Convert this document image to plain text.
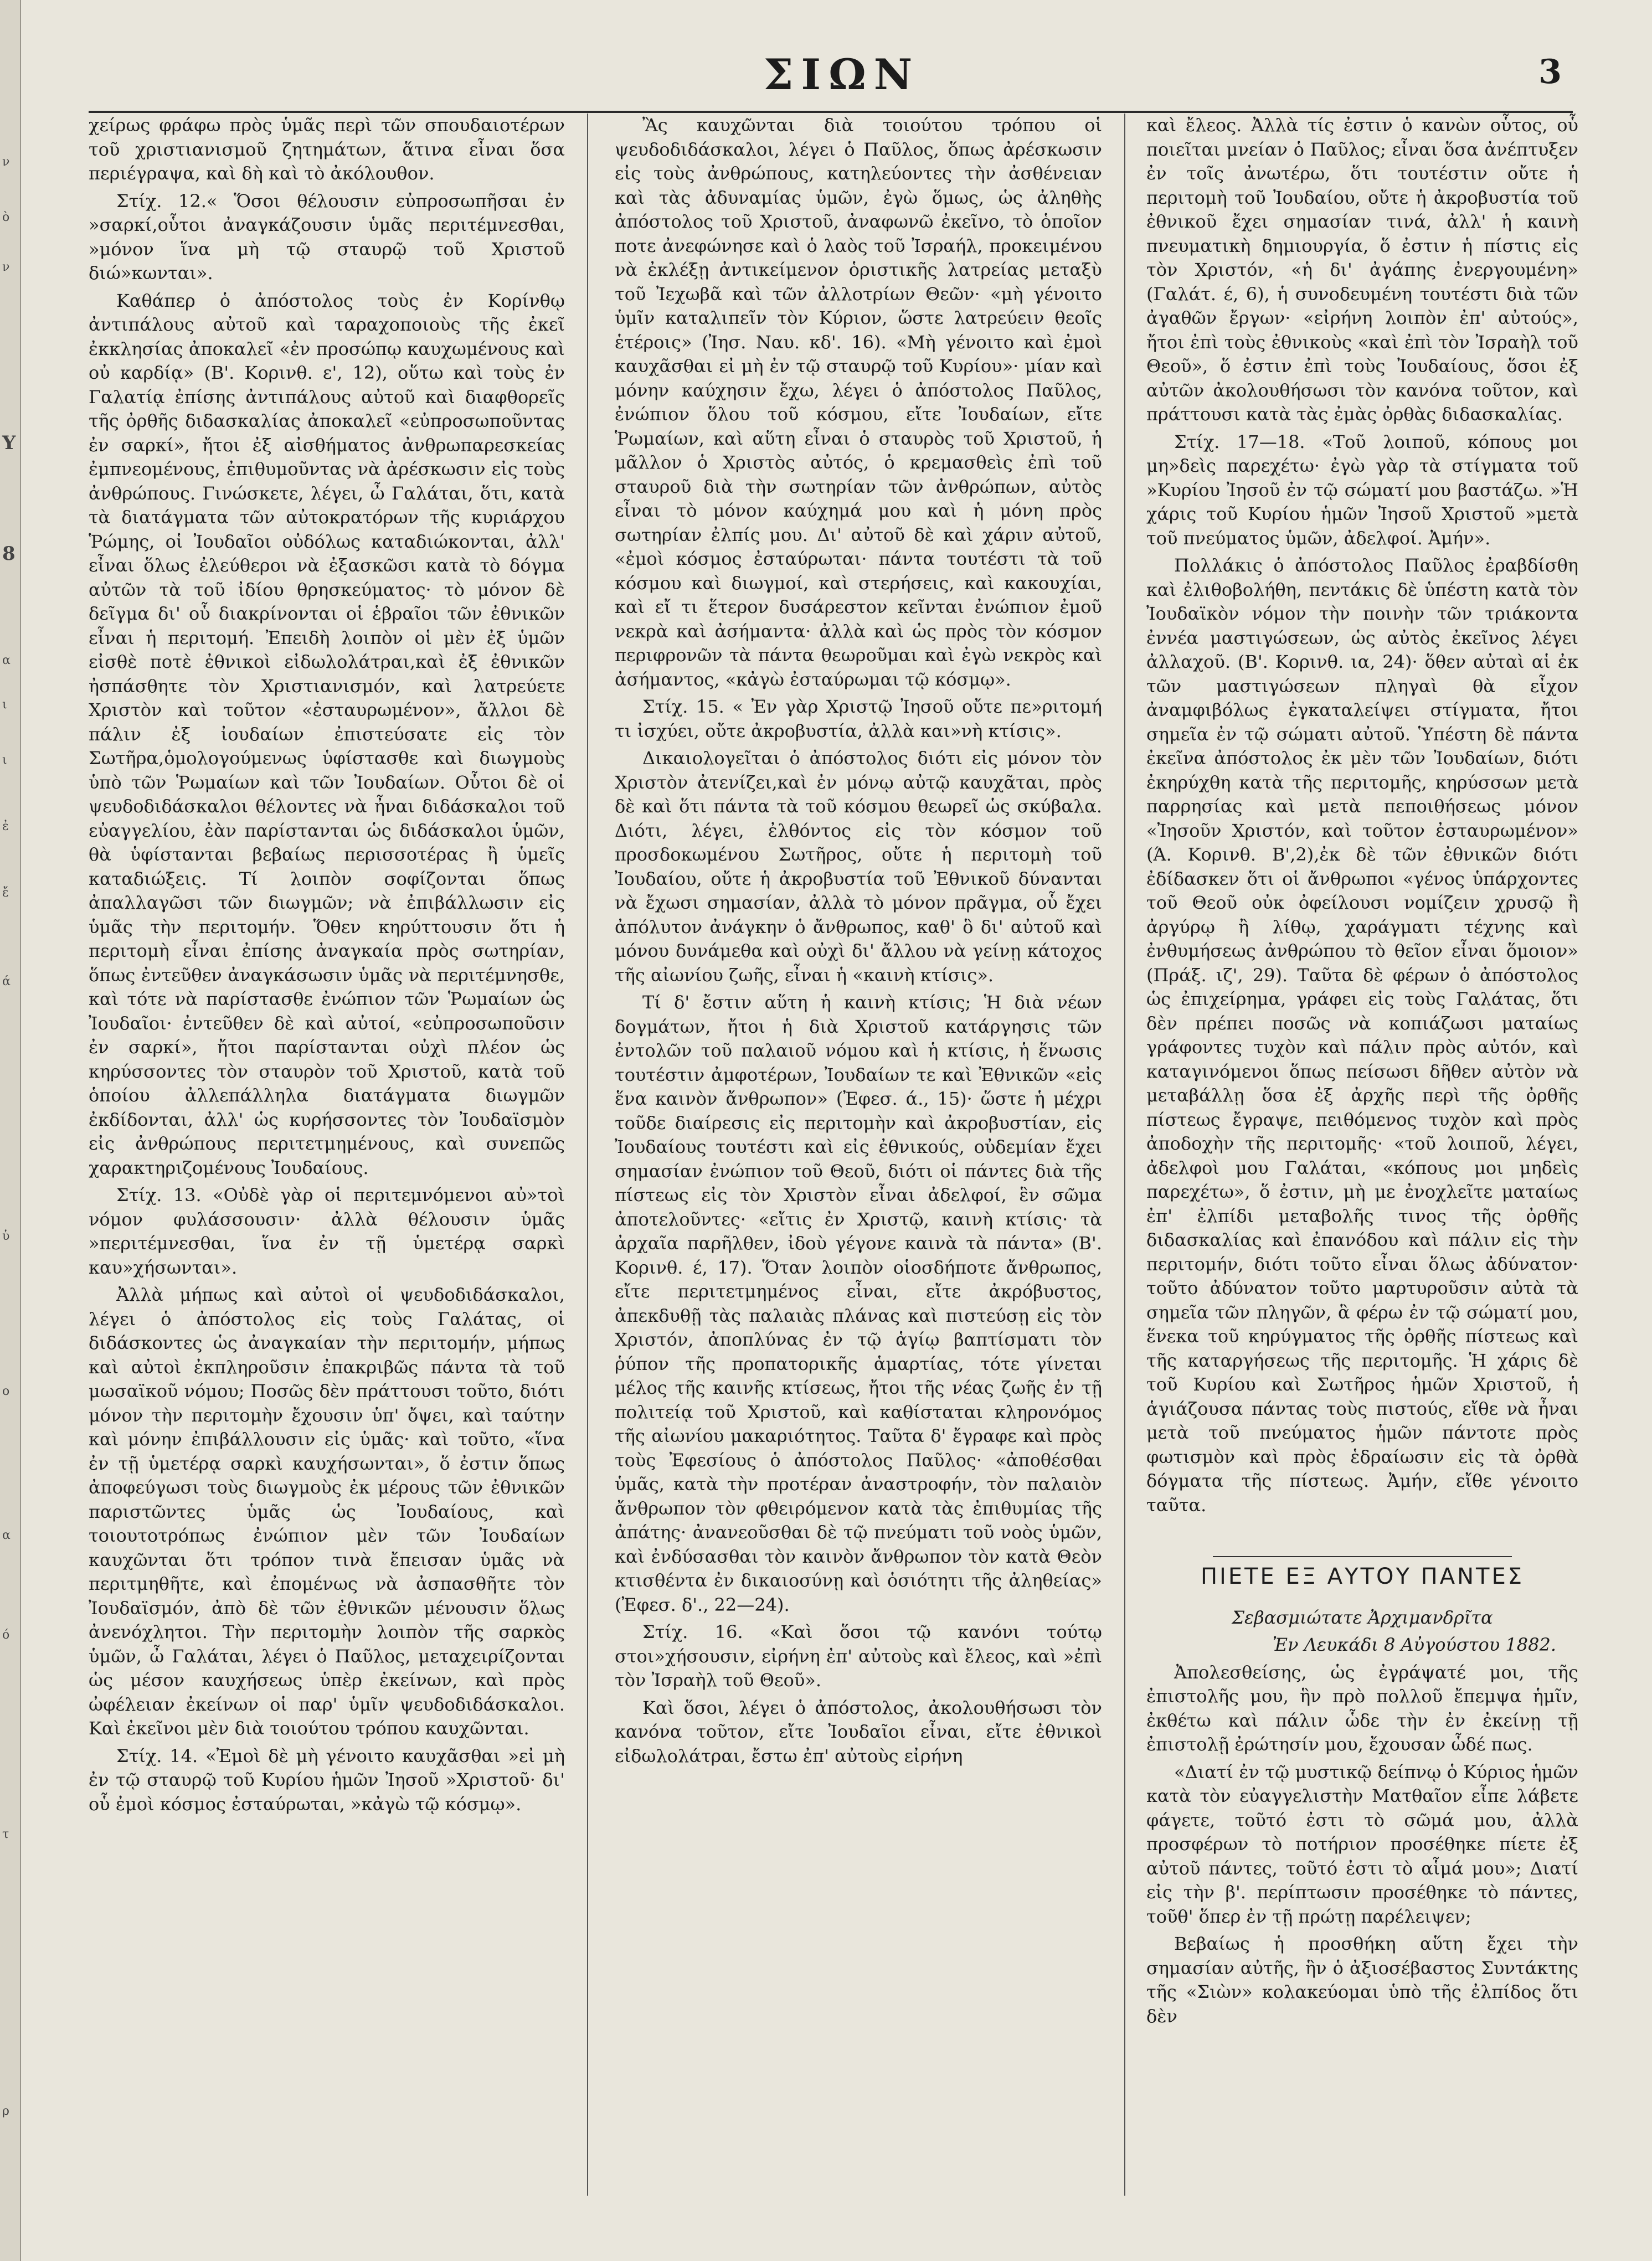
ν
ὸ
ν
Y
8
α
ι
ι
ἐ
ἔ
ά
ὑ
ο
α
ό
τ
ρ
ΣΙΩΝ	3

χείρως φράφω πρὸς ὑμᾶς περὶ τῶν σπουδαιοτέρων τοῦ χριστιανισμοῦ ζητημάτων, ἅτινα εἶναι ὅσα περιέγραψα, καὶ δὴ καὶ τὸ ἀκόλουθον.

Στίχ. 12.« Ὅσοι θέλουσιν εὐπροσωπῆσαι ἐν »σαρκί,οὗτοι ἀναγκάζουσιν ὑμᾶς περιτέμνεσθαι, »μόνον ἵνα μὴ τῷ σταυρῷ τοῦ Χριστοῦ διώ»κωνται».

Καθάπερ ὁ ἀπόστολος τοὺς ἐν Κορίνθῳ ἀντιπάλους αὐτοῦ καὶ ταραχοποιοὺς τῆς ἐκεῖ ἐκκλησίας ἀποκαλεῖ «ἐν προσώπῳ καυχωμένους καὶ οὐ καρδίᾳ» (Β'. Κορινθ. ε', 12), οὕτω καὶ τοὺς ἐν Γαλατίᾳ ἐπίσης ἀντιπάλους αὐτοῦ καὶ διαφθορεῖς τῆς ὀρθῆς διδασκαλίας ἀποκαλεῖ «εὐπροσωποῦντας ἐν σαρκί», ἤτοι ἐξ αἰσθήματος ἀνθρωπαρεσκείας ἐμπνεομένους, ἐπιθυμοῦντας νὰ ἀρέσκωσιν εἰς τοὺς ἀνθρώπους. Γινώσκετε, λέγει, ὦ Γαλάται, ὅτι, κατὰ τὰ διατάγματα τῶν αὐτοκρατόρων τῆς κυριάρχου Ῥώμης, οἱ Ἰουδαῖοι οὐδόλως καταδιώκονται, ἀλλ' εἶναι ὅλως ἐλεύθεροι νὰ ἐξασκῶσι κατὰ τὸ δόγμα αὐτῶν τὰ τοῦ ἰδίου θρησκεύματος· τὸ μόνον δὲ δεῖγμα δι' οὗ διακρίνονται οἱ ἑβραῖοι τῶν ἐθνικῶν εἶναι ἡ περιτομή. Ἐπειδὴ λοιπὸν οἱ μὲν ἐξ ὑμῶν εἰσθὲ ποτὲ ἐθνικοὶ εἰδωλολάτραι,καὶ ἐξ ἐθνικῶν ἠσπάσθητε τὸν Χριστιανισμόν, καὶ λατρεύετε Χριστὸν καὶ τοῦτον «ἐσταυρωμένον», ἄλλοι δὲ πάλιν ἐξ ἰουδαίων ἐπιστεύσατε εἰς τὸν Σωτῆρα,ὁμολογούμενως ὑφίστασθε καὶ διωγμοὺς ὑπὸ τῶν Ῥωμαίων καὶ τῶν Ἰουδαίων. Οὗτοι δὲ οἱ ψευδοδιδάσκαλοι θέλοντες νὰ ἦναι διδάσκαλοι τοῦ εὐαγγελίου, ἐὰν παρίστανται ὡς διδάσκαλοι ὑμῶν, θὰ ὑφίστανται βεβαίως περισσοτέρας ἢ ὑμεῖς καταδιώξεις. Τί λοιπὸν σοφίζονται ὅπως ἀπαλλαγῶσι τῶν διωγμῶν; νὰ ἐπιβάλλωσιν εἰς ὑμᾶς τὴν περιτομήν. Ὅθεν κηρύττουσιν ὅτι ἡ περιτομὴ εἶναι ἐπίσης ἀναγκαία πρὸς σωτηρίαν, ὅπως ἐντεῦθεν ἀναγκάσωσιν ὑμᾶς νὰ περιτέμνησθε, καὶ τότε νὰ παρίστασθε ἐνώπιον τῶν Ῥωμαίων ὡς Ἰουδαῖοι· ἐντεῦθεν δὲ καὶ αὐτοί, «εὐπροσωποῦσιν ἐν σαρκί», ἤτοι παρίστανται οὐχὶ πλέον ὡς κηρύσσοντες τὸν σταυρὸν τοῦ Χριστοῦ, κατὰ τοῦ ὁποίου ἀλλεπάλληλα διατάγματα διωγμῶν ἐκδίδονται, ἀλλ' ὡς κυρήσσοντες τὸν Ἰουδαϊσμὸν εἰς ἀνθρώπους περιτετμημένους, καὶ συνεπῶς χαρακτηριζομένους Ἰουδαίους.

Στίχ. 13. «Οὐδὲ γὰρ οἱ περιτεμνόμενοι αὐ»τοὶ νόμον φυλάσσουσιν· ἀλλὰ θέλουσιν ὑμᾶς »περιτέμνεσθαι, ἵνα ἐν τῇ ὑμετέρᾳ σαρκὶ καυ»χήσωνται».

Ἀλλὰ μήπως καὶ αὐτοὶ οἱ ψευδοδιδάσκαλοι, λέγει ὁ ἀπόστολος εἰς τοὺς Γαλάτας, οἱ διδάσκοντες ὡς ἀναγκαίαν τὴν περιτομήν, μήπως καὶ αὐτοὶ ἐκπληροῦσιν ἐπακριβῶς πάντα τὰ τοῦ μωσαϊκοῦ νόμου; Ποσῶς δὲν πράττουσι τοῦτο, διότι μόνον τὴν περιτομὴν ἔχουσιν ὑπ' ὄψει, καὶ ταύτην καὶ μόνην ἐπιβάλλουσιν εἰς ὑμᾶς· καὶ τοῦτο, «ἵνα ἐν τῇ ὑμετέρᾳ σαρκὶ καυχήσωνται», ὅ ἐστιν ὅπως ἀποφεύγωσι τοὺς διωγμοὺς ἐκ μέρους τῶν ἐθνικῶν παριστῶντες ὑμᾶς ὡς Ἰουδαίους, καὶ τοιουτοτρόπως ἐνώπιον μὲν τῶν Ἰουδαίων καυχῶνται ὅτι τρόπον τινὰ ἔπεισαν ὑμᾶς νὰ περιτμηθῆτε, καὶ ἐπομένως νὰ ἀσπασθῆτε τὸν Ἰουδαϊσμόν, ἀπὸ δὲ τῶν ἐθνικῶν μένουσιν ὅλως ἀνενόχλητοι. Τὴν περιτομὴν λοιπὸν τῆς σαρκὸς ὑμῶν, ὦ Γαλάται, λέγει ὁ Παῦλος, μεταχειρίζονται ὡς μέσον καυχήσεως ὑπὲρ ἐκείνων, καὶ πρὸς ὠφέλειαν ἐκείνων οἱ παρ' ὑμῖν ψευδοδιδάσκαλοι. Καὶ ἐκεῖνοι μὲν διὰ τοιούτου τρόπου καυχῶνται.

Στίχ. 14. «Ἐμοὶ δὲ μὴ γένοιτο καυχᾶσθαι »εἰ μὴ ἐν τῷ σταυρῷ τοῦ Κυρίου ἡμῶν Ἰησοῦ »Χριστοῦ· δι' οὗ ἐμοὶ κόσμος ἐσταύρωται, »κἀγὼ τῷ κόσμῳ».

Ἂς καυχῶνται διὰ τοιούτου τρόπου οἱ ψευδοδιδάσκαλοι, λέγει ὁ Παῦλος, ὅπως ἀρέσκωσιν εἰς τοὺς ἀνθρώπους, κατηλεύοντες τὴν ἀσθένειαν καὶ τὰς ἀδυναμίας ὑμῶν, ἐγὼ ὅμως, ὡς ἀληθὴς ἀπόστολος τοῦ Χριστοῦ, ἀναφωνῶ ἐκεῖνο, τὸ ὁποῖον ποτε ἀνεφώνησε καὶ ὁ λαὸς τοῦ Ἰσραήλ, προκειμένου νὰ ἐκλέξῃ ἀντικείμενον ὁριστικῆς λατρείας μεταξὺ τοῦ Ἰεχωβᾶ καὶ τῶν ἀλλοτρίων Θεῶν· «μὴ γένοιτο ὑμῖν καταλιπεῖν τὸν Κύριον, ὥστε λατρεύειν θεοῖς ἑτέροις» (Ἰησ. Ναυ. κδ'. 16). «Μὴ γένοιτο καὶ ἐμοὶ καυχᾶσθαι εἰ μὴ ἐν τῷ σταυρῷ τοῦ Κυρίου»· μίαν καὶ μόνην καύχησιν ἔχω, λέγει ὁ ἀπόστολος Παῦλος, ἐνώπιον ὅλου τοῦ κόσμου, εἴτε Ἰουδαίων, εἴτε Ῥωμαίων, καὶ αὕτη εἶναι ὁ σταυρὸς τοῦ Χριστοῦ, ἡ μᾶλλον ὁ Χριστὸς αὐτός, ὁ κρεμασθεὶς ἐπὶ τοῦ σταυροῦ διὰ τὴν σωτηρίαν τῶν ἀνθρώπων, αὐτὸς εἶναι τὸ μόνον καύχημά μου καὶ ἡ μόνη πρὸς σωτηρίαν ἐλπίς μου. Δι' αὐτοῦ δὲ καὶ χάριν αὐτοῦ, «ἐμοὶ κόσμος ἐσταύρωται· πάντα τουτέστι τὰ τοῦ κόσμου καὶ διωγμοί, καὶ στερήσεις, καὶ κακουχίαι, καὶ εἴ τι ἕτερον δυσάρεστον κεῖνται ἐνώπιον ἐμοῦ νεκρὰ καὶ ἀσήμαντα· ἀλλὰ καὶ ὡς πρὸς τὸν κόσμον περιφρονῶν τὰ πάντα θεωροῦμαι καὶ ἐγὼ νεκρὸς καὶ ἀσήμαντος, «κἀγὼ ἐσταύρωμαι τῷ κόσμῳ».

Στίχ. 15. « Ἐν γὰρ Χριστῷ Ἰησοῦ οὔτε πε»ριτομή τι ἰσχύει, οὔτε ἀκροβυστία, ἀλλὰ και»νὴ κτίσις».

Δικαιολογεῖται ὁ ἀπόστολος διότι εἰς μόνον τὸν Χριστὸν ἀτενίζει,καὶ ἐν μόνῳ αὐτῷ καυχᾶται, πρὸς δὲ καὶ ὅτι πάντα τὰ τοῦ κόσμου θεωρεῖ ὡς σκύβαλα. Διότι, λέγει, ἐλθόντος εἰς τὸν κόσμον τοῦ προσδοκωμένου Σωτῆρος, οὔτε ἡ περιτομὴ τοῦ Ἰουδαίου, οὔτε ἡ ἀκροβυστία τοῦ Ἐθνικοῦ δύνανται νὰ ἔχωσι σημασίαν, ἀλλὰ τὸ μόνον πρᾶγμα, οὗ ἔχει ἀπόλυτον ἀνάγκην ὁ ἄνθρωπος, καθ' ὃ δι' αὐτοῦ καὶ μόνου δυνάμεθα καὶ οὐχὶ δι' ἄλλου νὰ γείνῃ κάτοχος τῆς αἰωνίου ζωῆς, εἶναι ἡ «καινὴ κτίσις».

Τί δ' ἔστιν αὕτη ἡ καινὴ κτίσις; Ἡ διὰ νέων δογμάτων, ἤτοι ἡ διὰ Χριστοῦ κατάργησις τῶν ἐντολῶν τοῦ παλαιοῦ νόμου καὶ ἡ κτίσις, ἡ ἕνωσις τουτέστιν ἀμφοτέρων, Ἰουδαίων τε καὶ Ἐθνικῶν «εἰς ἕνα καινὸν ἄνθρωπον» (Ἐφεσ. ά., 15)· ὥστε ἡ μέχρι τοῦδε διαίρεσις εἰς περιτομὴν καὶ ἀκροβυστίαν, εἰς Ἰουδαίους τουτέστι καὶ εἰς ἐθνικούς, οὐδεμίαν ἔχει σημασίαν ἐνώπιον τοῦ Θεοῦ, διότι οἱ πάντες διὰ τῆς πίστεως εἰς τὸν Χριστὸν εἶναι ἀδελφοί, ἓν σῶμα ἀποτελοῦντες· «εἴτις ἐν Χριστῷ, καινὴ κτίσις· τὰ ἀρχαῖα παρῆλθεν, ἰδοὺ γέγονε καινὰ τὰ πάντα» (Β'. Κορινθ. έ, 17). Ὅταν λοιπὸν οἱοσδήποτε ἄνθρωπος, εἴτε περιτετμημένος εἶναι, εἴτε ἀκρόβυστος, ἀπεκδυθῇ τὰς παλαιὰς πλάνας καὶ πιστεύσῃ εἰς τὸν Χριστόν, ἀποπλύνας ἐν τῷ ἁγίῳ βαπτίσματι τὸν ῥύπον τῆς προπατορικῆς ἁμαρτίας, τότε γίνεται μέλος τῆς καινῆς κτίσεως, ἤτοι τῆς νέας ζωῆς ἐν τῇ πολιτείᾳ τοῦ Χριστοῦ, καὶ καθίσταται κληρονόμος τῆς αἰωνίου μακαριότητος. Ταῦτα δ' ἔγραφε καὶ πρὸς τοὺς Ἐφεσίους ὁ ἀπόστολος Παῦλος· «ἀποθέσθαι ὑμᾶς, κατὰ τὴν προτέραν ἀναστροφήν, τὸν παλαιὸν ἄνθρωπον τὸν φθειρόμενον κατὰ τὰς ἐπιθυμίας τῆς ἀπάτης· ἀνανεοῦσθαι δὲ τῷ πνεύματι τοῦ νοὸς ὑμῶν, καὶ ἐνδύσασθαι τὸν καινὸν ἄνθρωπον τὸν κατὰ Θεὸν κτισθέντα ἐν δικαιοσύνῃ καὶ ὁσιότητι τῆς ἀληθείας» (Ἐφεσ. δ'., 22—24).

Στίχ. 16. «Καὶ ὅσοι τῷ κανόνι τούτῳ στοι»χήσουσιν, εἰρήνη ἐπ' αὐτοὺς καὶ ἔλεος, καὶ »ἐπὶ τὸν Ἰσραὴλ τοῦ Θεοῦ».

Καὶ ὅσοι, λέγει ὁ ἀπόστολος, ἀκολουθήσωσι τὸν κανόνα τοῦτον, εἴτε Ἰουδαῖοι εἶναι, εἴτε ἐθνικοὶ εἰδωλολάτραι, ἔστω ἐπ' αὐτοὺς εἰρήνη

καὶ ἔλεος. Ἀλλὰ τίς ἐστιν ὁ κανὼν οὗτος, οὗ ποιεῖται μνείαν ὁ Παῦλος; εἶναι ὅσα ἀνέπτυξεν ἐν τοῖς ἀνωτέρω, ὅτι τουτέστιν οὔτε ἡ περιτομὴ τοῦ Ἰουδαίου, οὔτε ἡ ἀκροβυστία τοῦ ἐθνικοῦ ἔχει σημασίαν τινά, ἀλλ' ἡ καινὴ πνευματικὴ δημιουργία, ὅ ἐστιν ἡ πίστις εἰς τὸν Χριστόν, «ἡ δι' ἀγάπης ἐνεργουμένη» (Γαλάτ. έ, 6), ἡ συνοδευμένη τουτέστι διὰ τῶν ἀγαθῶν ἔργων· «εἰρήνη λοιπὸν ἐπ' αὐτούς», ἤτοι ἐπὶ τοὺς ἐθνικοὺς «καὶ ἐπὶ τὸν Ἰσραὴλ τοῦ Θεοῦ», ὅ ἐστιν ἐπὶ τοὺς Ἰουδαίους, ὅσοι ἐξ αὐτῶν ἀκολουθήσωσι τὸν κανόνα τοῦτον, καὶ πράττουσι κατὰ τὰς ἐμὰς ὀρθὰς διδασκαλίας.

Στίχ. 17—18. «Τοῦ λοιποῦ, κόπους μοι μη»δεὶς παρεχέτω· ἐγὼ γὰρ τὰ στίγματα τοῦ »Κυρίου Ἰησοῦ ἐν τῷ σώματί μου βαστάζω. »Ἡ χάρις τοῦ Κυρίου ἡμῶν Ἰησοῦ Χριστοῦ »μετὰ τοῦ πνεύματος ὑμῶν, ἀδελφοί. Ἀμήν».

Πολλάκις ὁ ἀπόστολος Παῦλος ἐραβδίσθη καὶ ἐλιθοβολήθη, πεντάκις δὲ ὑπέστη κατὰ τὸν Ἰουδαϊκὸν νόμον τὴν ποινὴν τῶν τριάκοντα ἐννέα μαστιγώσεων, ὡς αὐτὸς ἐκεῖνος λέγει ἀλλαχοῦ. (Β'. Κορινθ. ια, 24)· ὅθεν αὐταὶ αἱ ἐκ τῶν μαστιγώσεων πληγαὶ θὰ εἶχον ἀναμφιβόλως ἐγκαταλείψει στίγματα, ἤτοι σημεῖα ἐν τῷ σώματι αὐτοῦ. Ὑπέστη δὲ πάντα ἐκεῖνα ἀπόστολος ἐκ μὲν τῶν Ἰουδαίων, διότι ἐκηρύχθη κατὰ τῆς περιτομῆς, κηρύσσων μετὰ παρρησίας καὶ μετὰ πεποιθήσεως μόνον «Ἰησοῦν Χριστόν, καὶ τοῦτον ἐσταυρωμένον» (Ά. Κορινθ. Β',2),ἐκ δὲ τῶν ἐθνικῶν διότι ἐδίδασκεν ὅτι οἱ ἄνθρωποι «γένος ὑπάρχοντες τοῦ Θεοῦ οὐκ ὀφείλουσι νομίζειν χρυσῷ ἢ ἀργύρῳ ἢ λίθῳ, χαράγματι τέχνης καὶ ἐνθυμήσεως ἀνθρώπου τὸ θεῖον εἶναι ὅμοιον» (Πράξ. ιζ', 29). Ταῦτα δὲ φέρων ὁ ἀπόστολος ὡς ἐπιχείρημα, γράφει εἰς τοὺς Γαλάτας, ὅτι δὲν πρέπει ποσῶς νὰ κοπιάζωσι ματαίως γράφοντες τυχὸν καὶ πάλιν πρὸς αὐτόν, καὶ καταγινόμενοι ὅπως πείσωσι δῆθεν αὐτὸν νὰ μεταβάλλῃ ὅσα ἐξ ἀρχῆς περὶ τῆς ὀρθῆς πίστεως ἔγραψε, πειθόμενος τυχὸν καὶ πρὸς ἀποδοχὴν τῆς περιτομῆς· «τοῦ λοιποῦ, λέγει, ἀδελφοὶ μου Γαλάται, «κόπους μοι μηδεὶς παρεχέτω», ὅ ἐστιν, μὴ με ἐνοχλεῖτε ματαίως ἐπ' ἐλπίδι μεταβολῆς τινος τῆς ὀρθῆς διδασκαλίας καὶ ἐπανόδου καὶ πάλιν εἰς τὴν περιτομήν, διότι τοῦτο εἶναι ὅλως ἀδύνατον· τοῦτο ἀδύνατον τοῦτο μαρτυροῦσιν αὐτὰ τὰ σημεῖα τῶν πληγῶν, ἃ φέρω ἐν τῷ σώματί μου, ἕνεκα τοῦ κηρύγματος τῆς ὀρθῆς πίστεως καὶ τῆς καταργήσεως τῆς περιτομῆς. Ἡ χάρις δὲ τοῦ Κυρίου καὶ Σωτῆρος ἡμῶν Χριστοῦ, ἡ ἁγιάζουσα πάντας τοὺς πιστούς, εἴθε νὰ ἦναι μετὰ τοῦ πνεύματος ἡμῶν πάντοτε πρὸς φωτισμὸν καὶ πρὸς ἑδραίωσιν εἰς τὰ ὀρθὰ δόγματα τῆς πίστεως. Ἀμήν, εἴθε γένοιτο ταῦτα.

ΠΙΕΤΕ ΕΞ ΑΥΤΟΥ ΠΑΝΤΕΣ

Σεβασμιώτατε Ἀρχιμανδρῖτα

Ἐν Λευκάδι 8 Αὐγούστου 1882.

Ἀπολεσθείσης, ὡς ἐγράψατέ μοι, τῆς ἐπιστολῆς μου, ἣν πρὸ πολλοῦ ἔπεμψα ἡμῖν, ἐκθέτω καὶ πάλιν ὧδε τὴν ἐν ἐκείνῃ τῇ ἐπιστολῇ ἐρώτησίν μου, ἔχουσαν ὧδέ πως.

«Διατί ἐν τῷ μυστικῷ δείπνῳ ὁ Κύριος ἡμῶν κατὰ τὸν εὐαγγελιστὴν Ματθαῖον εἶπε λάβετε φάγετε, τοῦτό ἐστι τὸ σῶμά μου, ἀλλὰ προσφέρων τὸ ποτήριον προσέθηκε πίετε ἐξ αὐτοῦ πάντες, τοῦτό ἐστι τὸ αἷμά μου»; Διατί εἰς τὴν β'. περίπτωσιν προσέθηκε τὸ πάντες, τοῦθ' ὅπερ ἐν τῇ πρώτῃ παρέλειψεν;

Βεβαίως ἡ προσθήκη αὕτη ἔχει τὴν σημασίαν αὐτῆς, ἣν ὁ ἀξιοσέβαστος Συντάκτης τῆς «Σιὼν» κολακεύομαι ὑπὸ τῆς ἐλπίδος ὅτι δὲν
